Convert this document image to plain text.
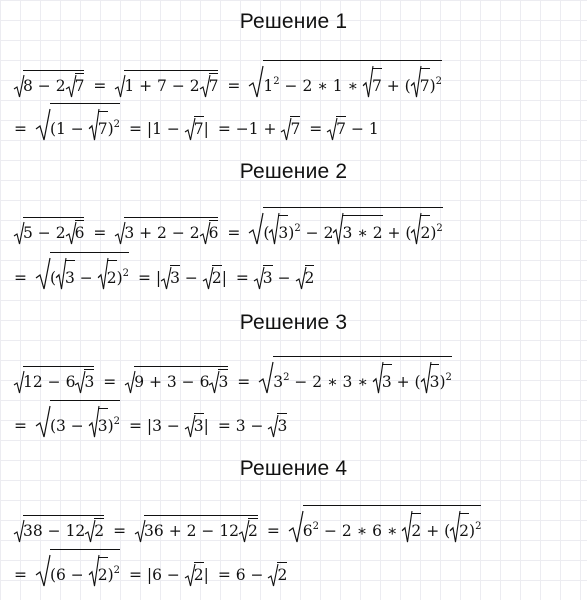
Решение 1
8 − 2 7 = 1 + 7 − 2 $7 = 1^2 - 2$ ∗ 1 ∗
7 + ( 7)$^2$
= (1 −
7)$^2$ = |1 −
7| = −1 +
7 =
7 − 1
Решение 2
5 − 2 6 = 3 + 2 − 2 6 = ( 3)$^2$ − 2 3 ∗ 2 + ( 2)$^2$
= ( 3 −
2)$^2$ = | 3 −
2| =
3 −
2
Решение 3
12 − 6 3 = 9 + 3 − 6 $3 = 3^2 - 2$ ∗ 3 ∗
3 + ( 3)$^2$
= (3 −
3)$^2$ = |3 −
3| = 3 −
3
Решение 4
38 − 12 2 = 36 + 2 − 12 $2 = 6^2 - 2$ ∗ 6 ∗
2 + ( 2)$^2$
= (6 −
2)$^2$ = |6 −
2| = 6 −
2
